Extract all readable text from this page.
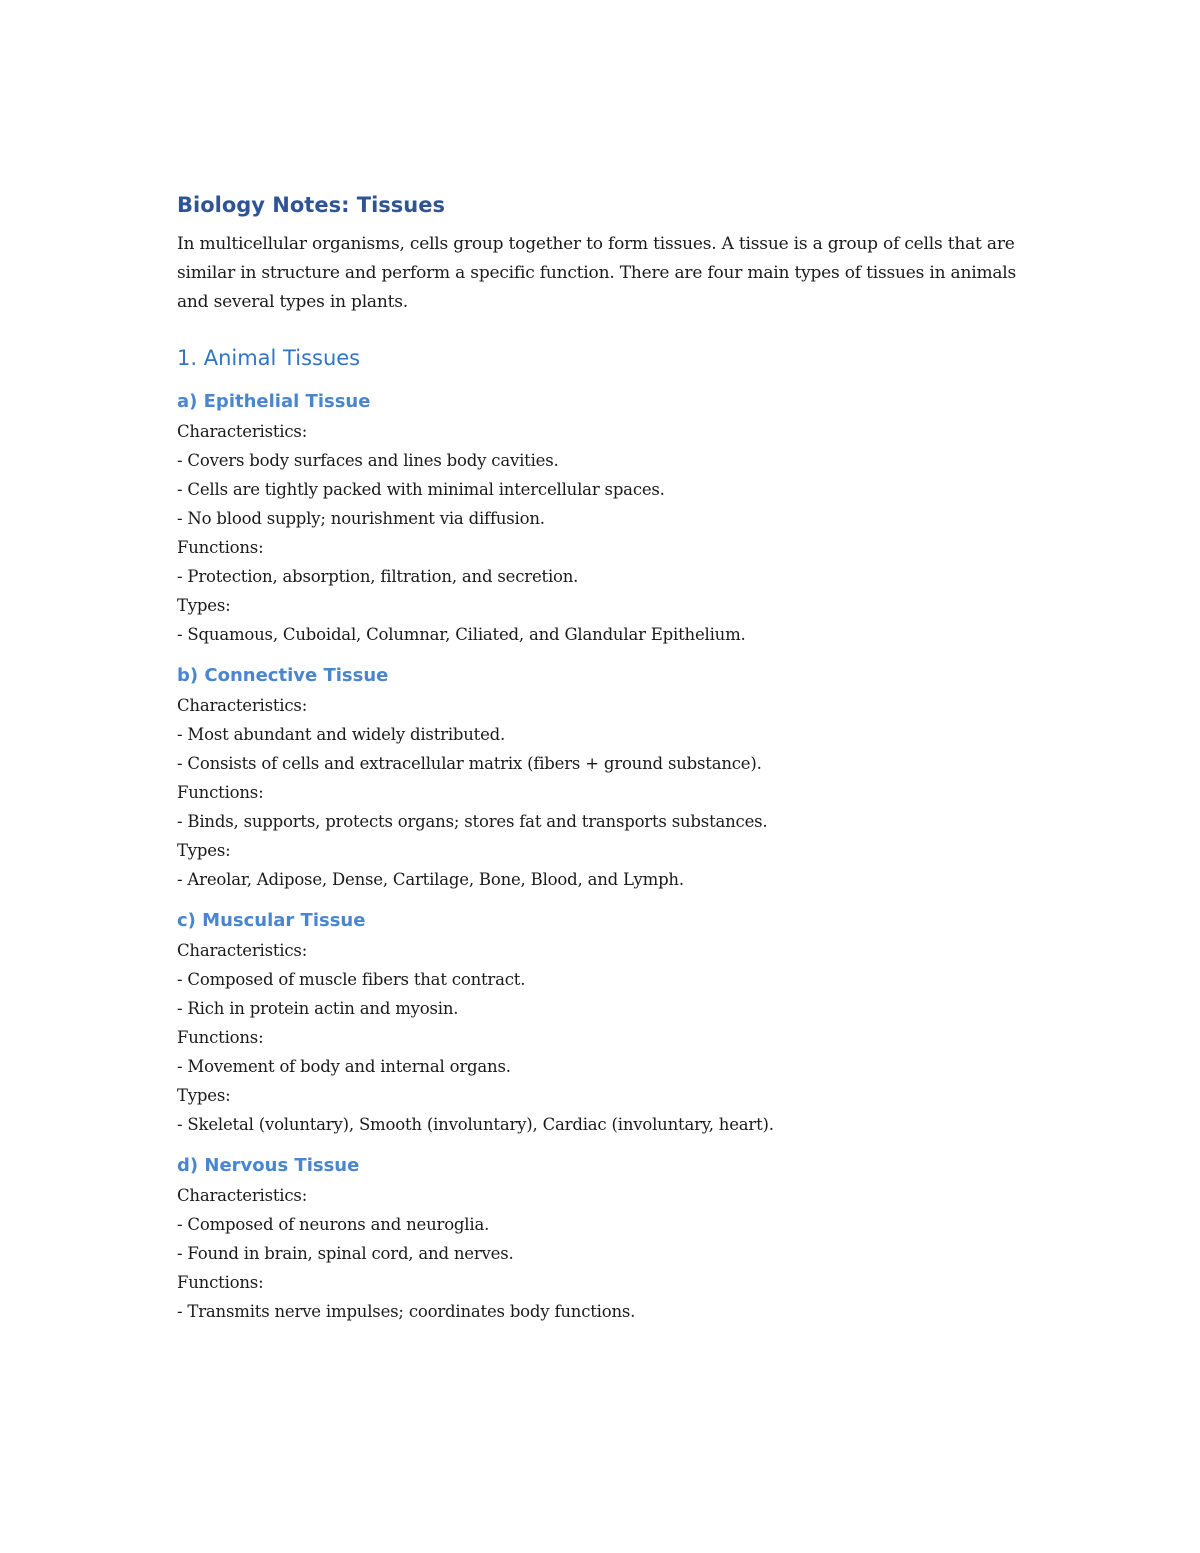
Biology Notes: Tissues

In multicellular organisms, cells group together to form tissues. A tissue is a group of cells that are similar in structure and perform a specific function. There are four main types of tissues in animals and several types in plants.

1. Animal Tissues
a) Epithelial Tissue

Characteristics:

- Covers body surfaces and lines body cavities.

- Cells are tightly packed with minimal intercellular spaces.

- No blood supply; nourishment via diffusion.

Functions:

- Protection, absorption, filtration, and secretion.

Types:

- Squamous, Cuboidal, Columnar, Ciliated, and Glandular Epithelium.

b) Connective Tissue

Characteristics:

- Most abundant and widely distributed.

- Consists of cells and extracellular matrix (fibers + ground substance).

Functions:

- Binds, supports, protects organs; stores fat and transports substances.

Types:

- Areolar, Adipose, Dense, Cartilage, Bone, Blood, and Lymph.

c) Muscular Tissue

Characteristics:

- Composed of muscle fibers that contract.

- Rich in protein actin and myosin.

Functions:

- Movement of body and internal organs.

Types:

- Skeletal (voluntary), Smooth (involuntary), Cardiac (involuntary, heart).

d) Nervous Tissue

Characteristics:

- Composed of neurons and neuroglia.

- Found in brain, spinal cord, and nerves.

Functions:

- Transmits nerve impulses; coordinates body functions.
